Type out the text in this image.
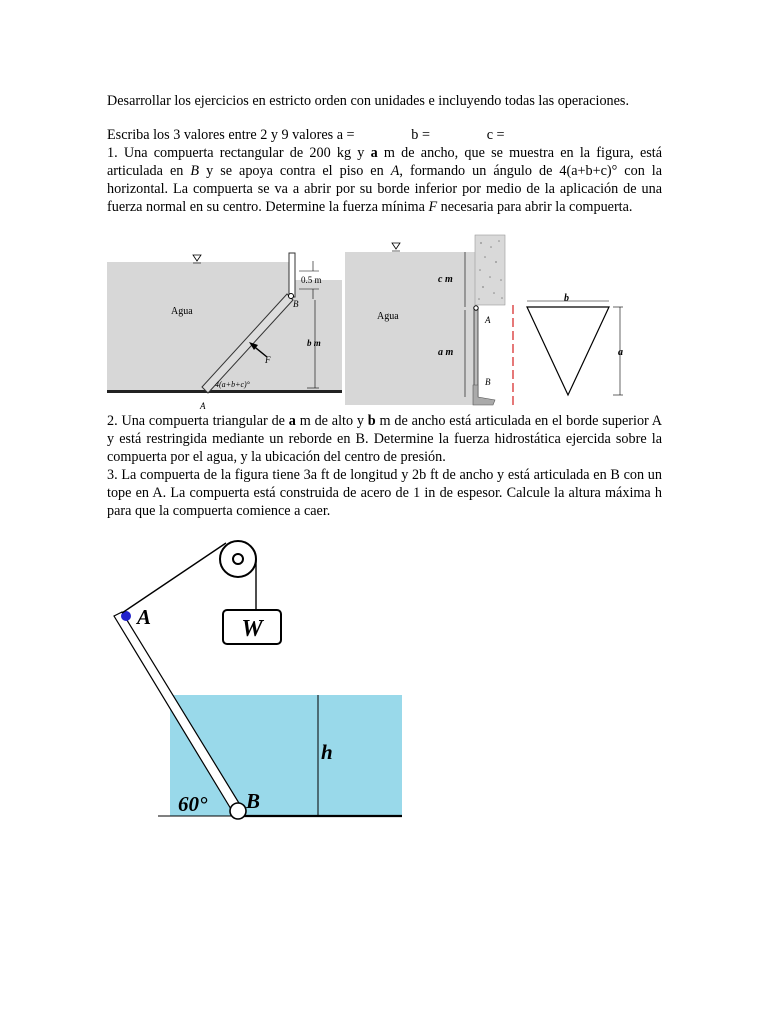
Desarrollar los ejercicios en estricto orden con unidades e incluyendo todas las operaciones.
Escriba los 3 valores entre 2 y 9 valores a =	b =	c =
1. Una compuerta rectangular de 200 kg y a m de ancho, que se muestra en la figura, está articulada en B y se apoya contra el piso en A, formando un ángulo de 4(a+b+c)° con la horizontal. La compuerta se va a abrir por su borde inferior por medio de la aplicación de una fuerza normal en su centro. Determine la fuerza mínima F necesaria para abrir la compuerta.
Agua
0.5 m
B
b m
F
4(a+b+c)°
A
Agua
c m
a m
A
B
b
a
2. Una compuerta triangular de a m de alto y b m de ancho está articulada en el borde superior A y está restringida mediante un reborde en B. Determine la fuerza hidrostática ejercida sobre la compuerta por el agua, y la ubicación del centro de presión.
3. La compuerta de la figura tiene 3a ft de longitud y 2b ft de ancho y está articulada en B con un tope en A. La compuerta está construida de acero de 1 in de espesor. Calcule la altura máxima h para que la compuerta comience a caer.
W
A
h
60° B
